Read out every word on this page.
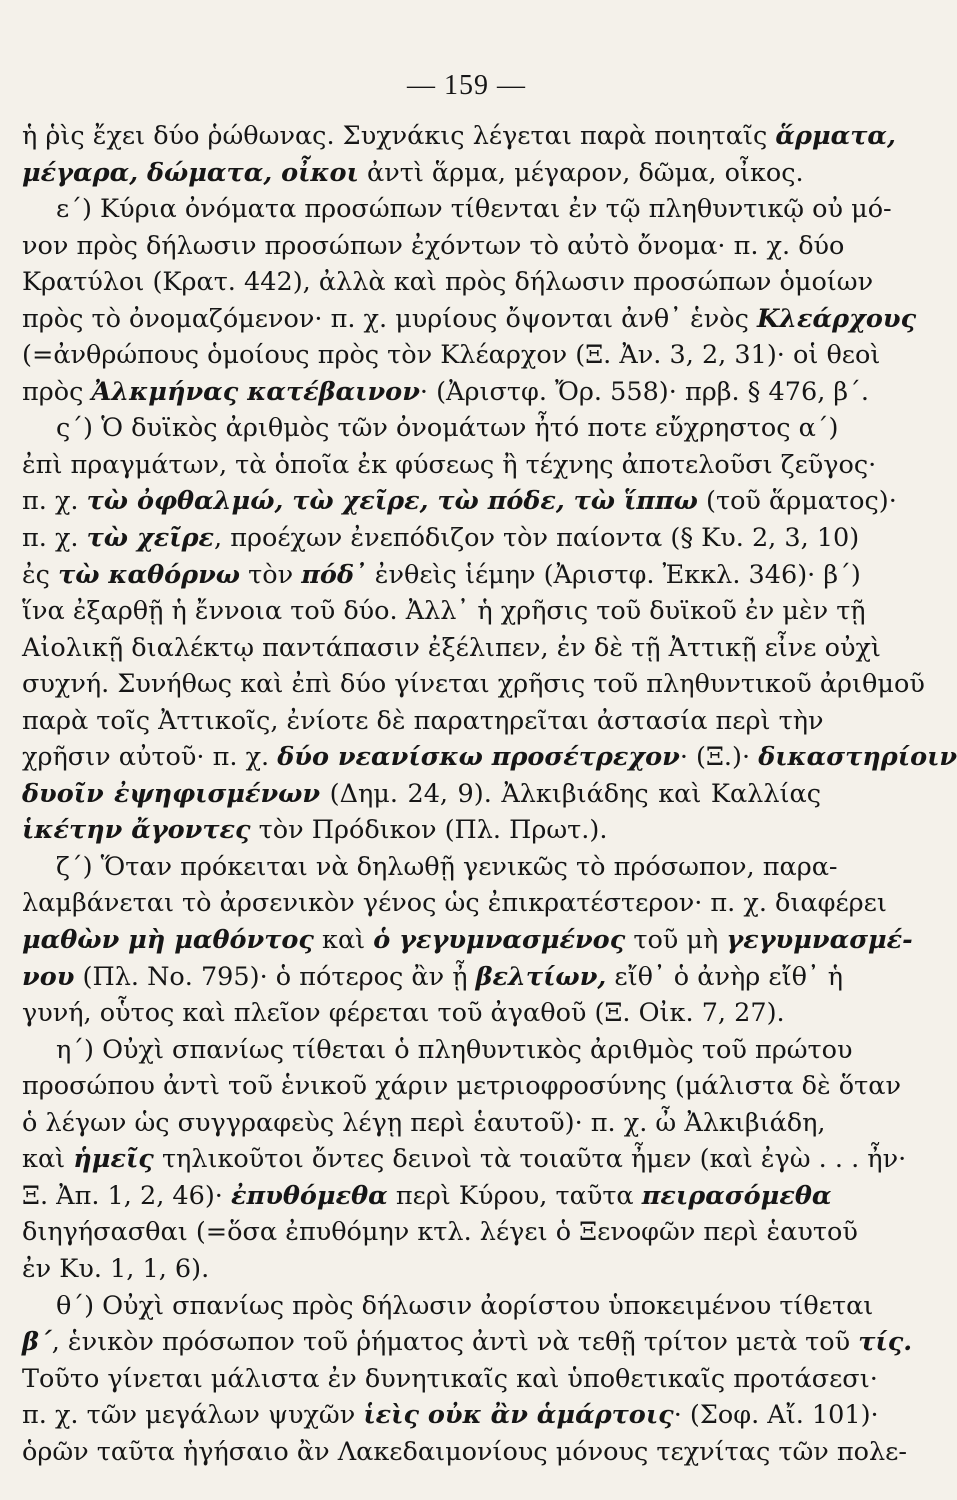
— 159 —
ἡ ῥὶς ἔχει δύο ῥώθωνας. Συχνάκις λέγεται παρὰ ποιηταῖς ἅρματα,
μέγαρα, δώματα, οἶκοι ἀντὶ ἅρμα, μέγαρον, δῶμα, οἶκος.
ε΄) Κύρια ὀνόματα προσώπων τίθενται ἐν τῷ πληθυντικῷ οὐ μό-
νον πρὸς δήλωσιν προσώπων ἐχόντων τὸ αὐτὸ ὄνομα· π. χ. δύο
Κρατύλοι (Κρατ. 442), ἀλλὰ καὶ πρὸς δήλωσιν προσώπων ὁμοίων
πρὸς τὸ ὀνομαζόμενον· π. χ. μυρίους ὄψονται ἀνθ᾽ ἑνὸς Κλεάρχους
(=ἀνθρώπους ὁμοίους πρὸς τὸν Κλέαρχον (Ξ. Ἀν. 3, 2, 31)· οἱ θεοὶ
πρὸς Ἀλκμήνας κατέβαινον· (Ἀριστφ. Ὄρ. 558)· πρβ. § 476, β΄.
ς΄) Ὁ δυϊκὸς ἀριθμὸς τῶν ὀνομάτων ἦτό ποτε εὔχρηστος α΄)
ἐπὶ πραγμάτων, τὰ ὁποῖα ἐκ φύσεως ἢ τέχνης ἀποτελοῦσι ζεῦγος·
π. χ. τὼ ὀφθαλμώ, τὼ χεῖρε, τὼ πόδε, τὼ ἵππω (τοῦ ἅρματος)·
π. χ. τὼ χεῖρε, προέχων ἐνεπόδιζον τὸν παίοντα (§ Κυ. 2, 3, 10)
ἐς τὼ καθόρνω τὸν πόδ᾽ ἐνθεὶς ἱέμην (Ἀριστφ. Ἐκκλ. 346)· β΄)
ἵνα ἐξαρθῇ ἡ ἔννοια τοῦ δύο. Ἀλλ᾽ ἡ χρῆσις τοῦ δυϊκοῦ ἐν μὲν τῇ
Αἰολικῇ διαλέκτῳ παντάπασιν ἐξέλιπεν, ἐν δὲ τῇ Ἀττικῇ εἶνε οὐχὶ
συχνή. Συνήθως καὶ ἐπὶ δύο γίνεται χρῆσις τοῦ πληθυντικοῦ ἀριθμοῦ
παρὰ τοῖς Ἀττικοῖς, ἐνίοτε δὲ παρατηρεῖται ἀστασία περὶ τὴν
χρῆσιν αὐτοῦ· π. χ. δύο νεανίσκω προσέτρεχον· (Ξ.)· δικαστηρίοιν
δυοῖν ἐψηφισμένων (Δημ. 24, 9). Ἀλκιβιάδης καὶ Καλλίας
ἱκέτην ἄγοντες τὸν Πρόδικον (Πλ. Πρωτ.).
ζ΄) Ὅταν πρόκειται νὰ δηλωθῇ γενικῶς τὸ πρόσωπον, παρα-
λαμβάνεται τὸ ἀρσενικὸν γένος ὡς ἐπικρατέστερον· π. χ. διαφέρει
μαθὼν μὴ μαθόντος καὶ ὁ γεγυμνασμένος τοῦ μὴ γεγυμνασμέ-
νου (Πλ. Νο. 795)· ὁ πότερος ἂν ᾖ βελτίων, εἴθ᾽ ὁ ἀνὴρ εἴθ᾽ ἡ
γυνή, οὗτος καὶ πλεῖον φέρεται τοῦ ἀγαθοῦ (Ξ. Οἰκ. 7, 27).
η΄) Οὐχὶ σπανίως τίθεται ὁ πληθυντικὸς ἀριθμὸς τοῦ πρώτου
προσώπου ἀντὶ τοῦ ἑνικοῦ χάριν μετριοφροσύνης (μάλιστα δὲ ὅταν
ὁ λέγων ὡς συγγραφεὺς λέγῃ περὶ ἑαυτοῦ)· π. χ. ὦ Ἀλκιβιάδη,
καὶ ἡμεῖς τηλικοῦτοι ὄντες δεινοὶ τὰ τοιαῦτα ἦμεν (καὶ ἐγὼ . . . ἦν·
Ξ. Ἀπ. 1, 2, 46)· ἐπυθόμεθα περὶ Κύρου, ταῦτα πειρασόμεθα
διηγήσασθαι (=ὅσα ἐπυθόμην κτλ. λέγει ὁ Ξενοφῶν περὶ ἑαυτοῦ
ἐν Κυ. 1, 1, 6).
θ΄) Οὐχὶ σπανίως πρὸς δήλωσιν ἀορίστου ὑποκειμένου τίθεται
β΄, ἑνικὸν πρόσωπον τοῦ ῥήματος ἀντὶ νὰ τεθῇ τρίτον μετὰ τοῦ τίς.
Τοῦτο γίνεται μάλιστα ἐν δυνητικαῖς καὶ ὑποθετικαῖς προτάσεσι·
π. χ. τῶν μεγάλων ψυχῶν ἱεὶς οὐκ ἂν ἁμάρτοις· (Σοφ. Αἴ. 101)·
ὁρῶν ταῦτα ἡγήσαιο ἂν Λακεδαιμονίους μόνους τεχνίτας τῶν πολε-
